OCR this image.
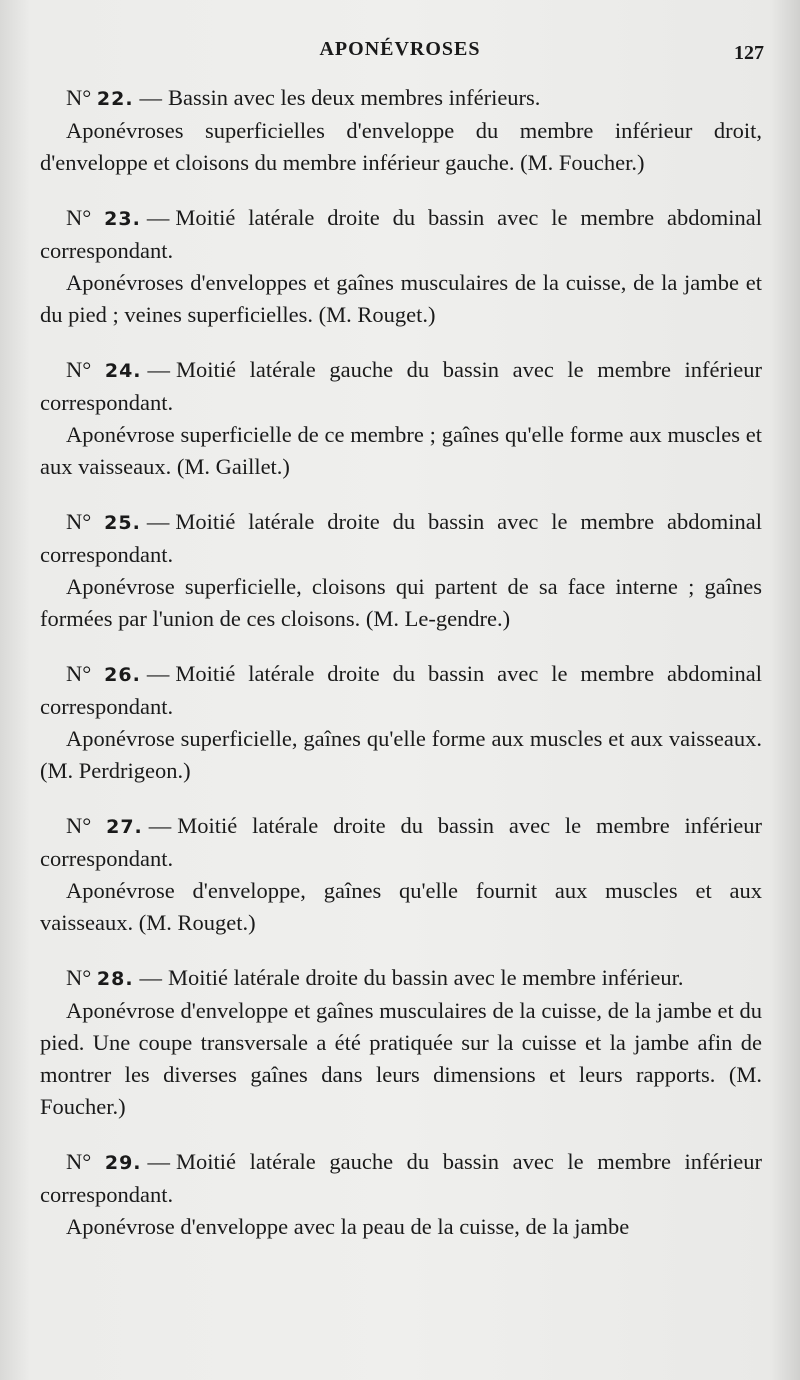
APONÉVROSES	127

N° 22. — Bassin avec les deux membres inférieurs.

Aponévroses superficielles d'enveloppe du membre inférieur droit, d'enveloppe et cloisons du membre inférieur gauche. (M. Foucher.)

N° 23. — Moitié latérale droite du bassin avec le membre abdominal correspondant.

Aponévroses d'enveloppes et gaînes musculaires de la cuisse, de la jambe et du pied ; veines superficielles. (M. Rouget.)

N° 24. — Moitié latérale gauche du bassin avec le membre inférieur correspondant.

Aponévrose superficielle de ce membre ; gaînes qu'elle forme aux muscles et aux vaisseaux. (M. Gaillet.)

N° 25. — Moitié latérale droite du bassin avec le membre abdominal correspondant.

Aponévrose superficielle, cloisons qui partent de sa face interne ; gaînes formées par l'union de ces cloisons. (M. Le-gendre.)

N° 26. — Moitié latérale droite du bassin avec le membre abdominal correspondant.

Aponévrose superficielle, gaînes qu'elle forme aux muscles et aux vaisseaux. (M. Perdrigeon.)

N° 27. — Moitié latérale droite du bassin avec le membre inférieur correspondant.

Aponévrose d'enveloppe, gaînes qu'elle fournit aux muscles et aux vaisseaux. (M. Rouget.)

N° 28. — Moitié latérale droite du bassin avec le membre inférieur.

Aponévrose d'enveloppe et gaînes musculaires de la cuisse, de la jambe et du pied. Une coupe transversale a été pratiquée sur la cuisse et la jambe afin de montrer les diverses gaînes dans leurs dimensions et leurs rapports. (M. Foucher.)

N° 29. — Moitié latérale gauche du bassin avec le membre inférieur correspondant.

Aponévrose d'enveloppe avec la peau de la cuisse, de la jambe
